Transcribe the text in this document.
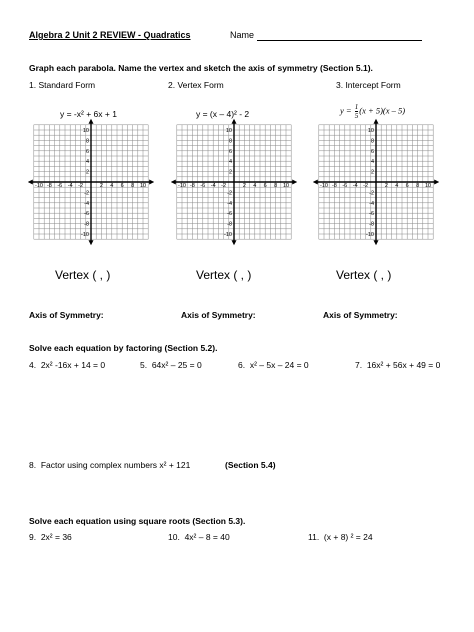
Algebra 2 Unit 2 REVIEW - Quadratics	Name
Graph each parabola. Name the vertex and sketch the axis of symmetry (Section 5.1).
1. Standard Form	2. Vertex Form	3. Intercept Form
y = -x² + 6x + 1	y = (x – 4)² - 2	$y = \frac{1}{5} (x + 5)(x - 5)$
-10 -8 -6 -4 -2	2 4 6 8 10
10
8
6
4
2
-2
-4
-6
-8
-10
-10 -8 -6 -4 -2	2 4 6 8 10
10
8
6
4
2
-2
-4
-6
-8
-10
-10 -8 -6 -4 -2	2 4 6 8 10
10
8
6
4
2
-2
-4
-6
-8
-10
Vertex ( , )	Vertex ( , )	Vertex ( , )
Axis of Symmetry:	Axis of Symmetry:	Axis of Symmetry:
Solve each equation by factoring (Section 5.2).
4. 2x² -16x + 14 = 0	5. 64x² – 25 = 0	6. x² – 5x – 24 = 0	7. 16x² + 56x + 49 = 0
8. Factor using complex numbers x² + 121	(Section 5.4)
Solve each equation using square roots (Section 5.3).
9. 2x² = 36	10. 4x² – 8 = 40	11. (x + 8) ² = 24
